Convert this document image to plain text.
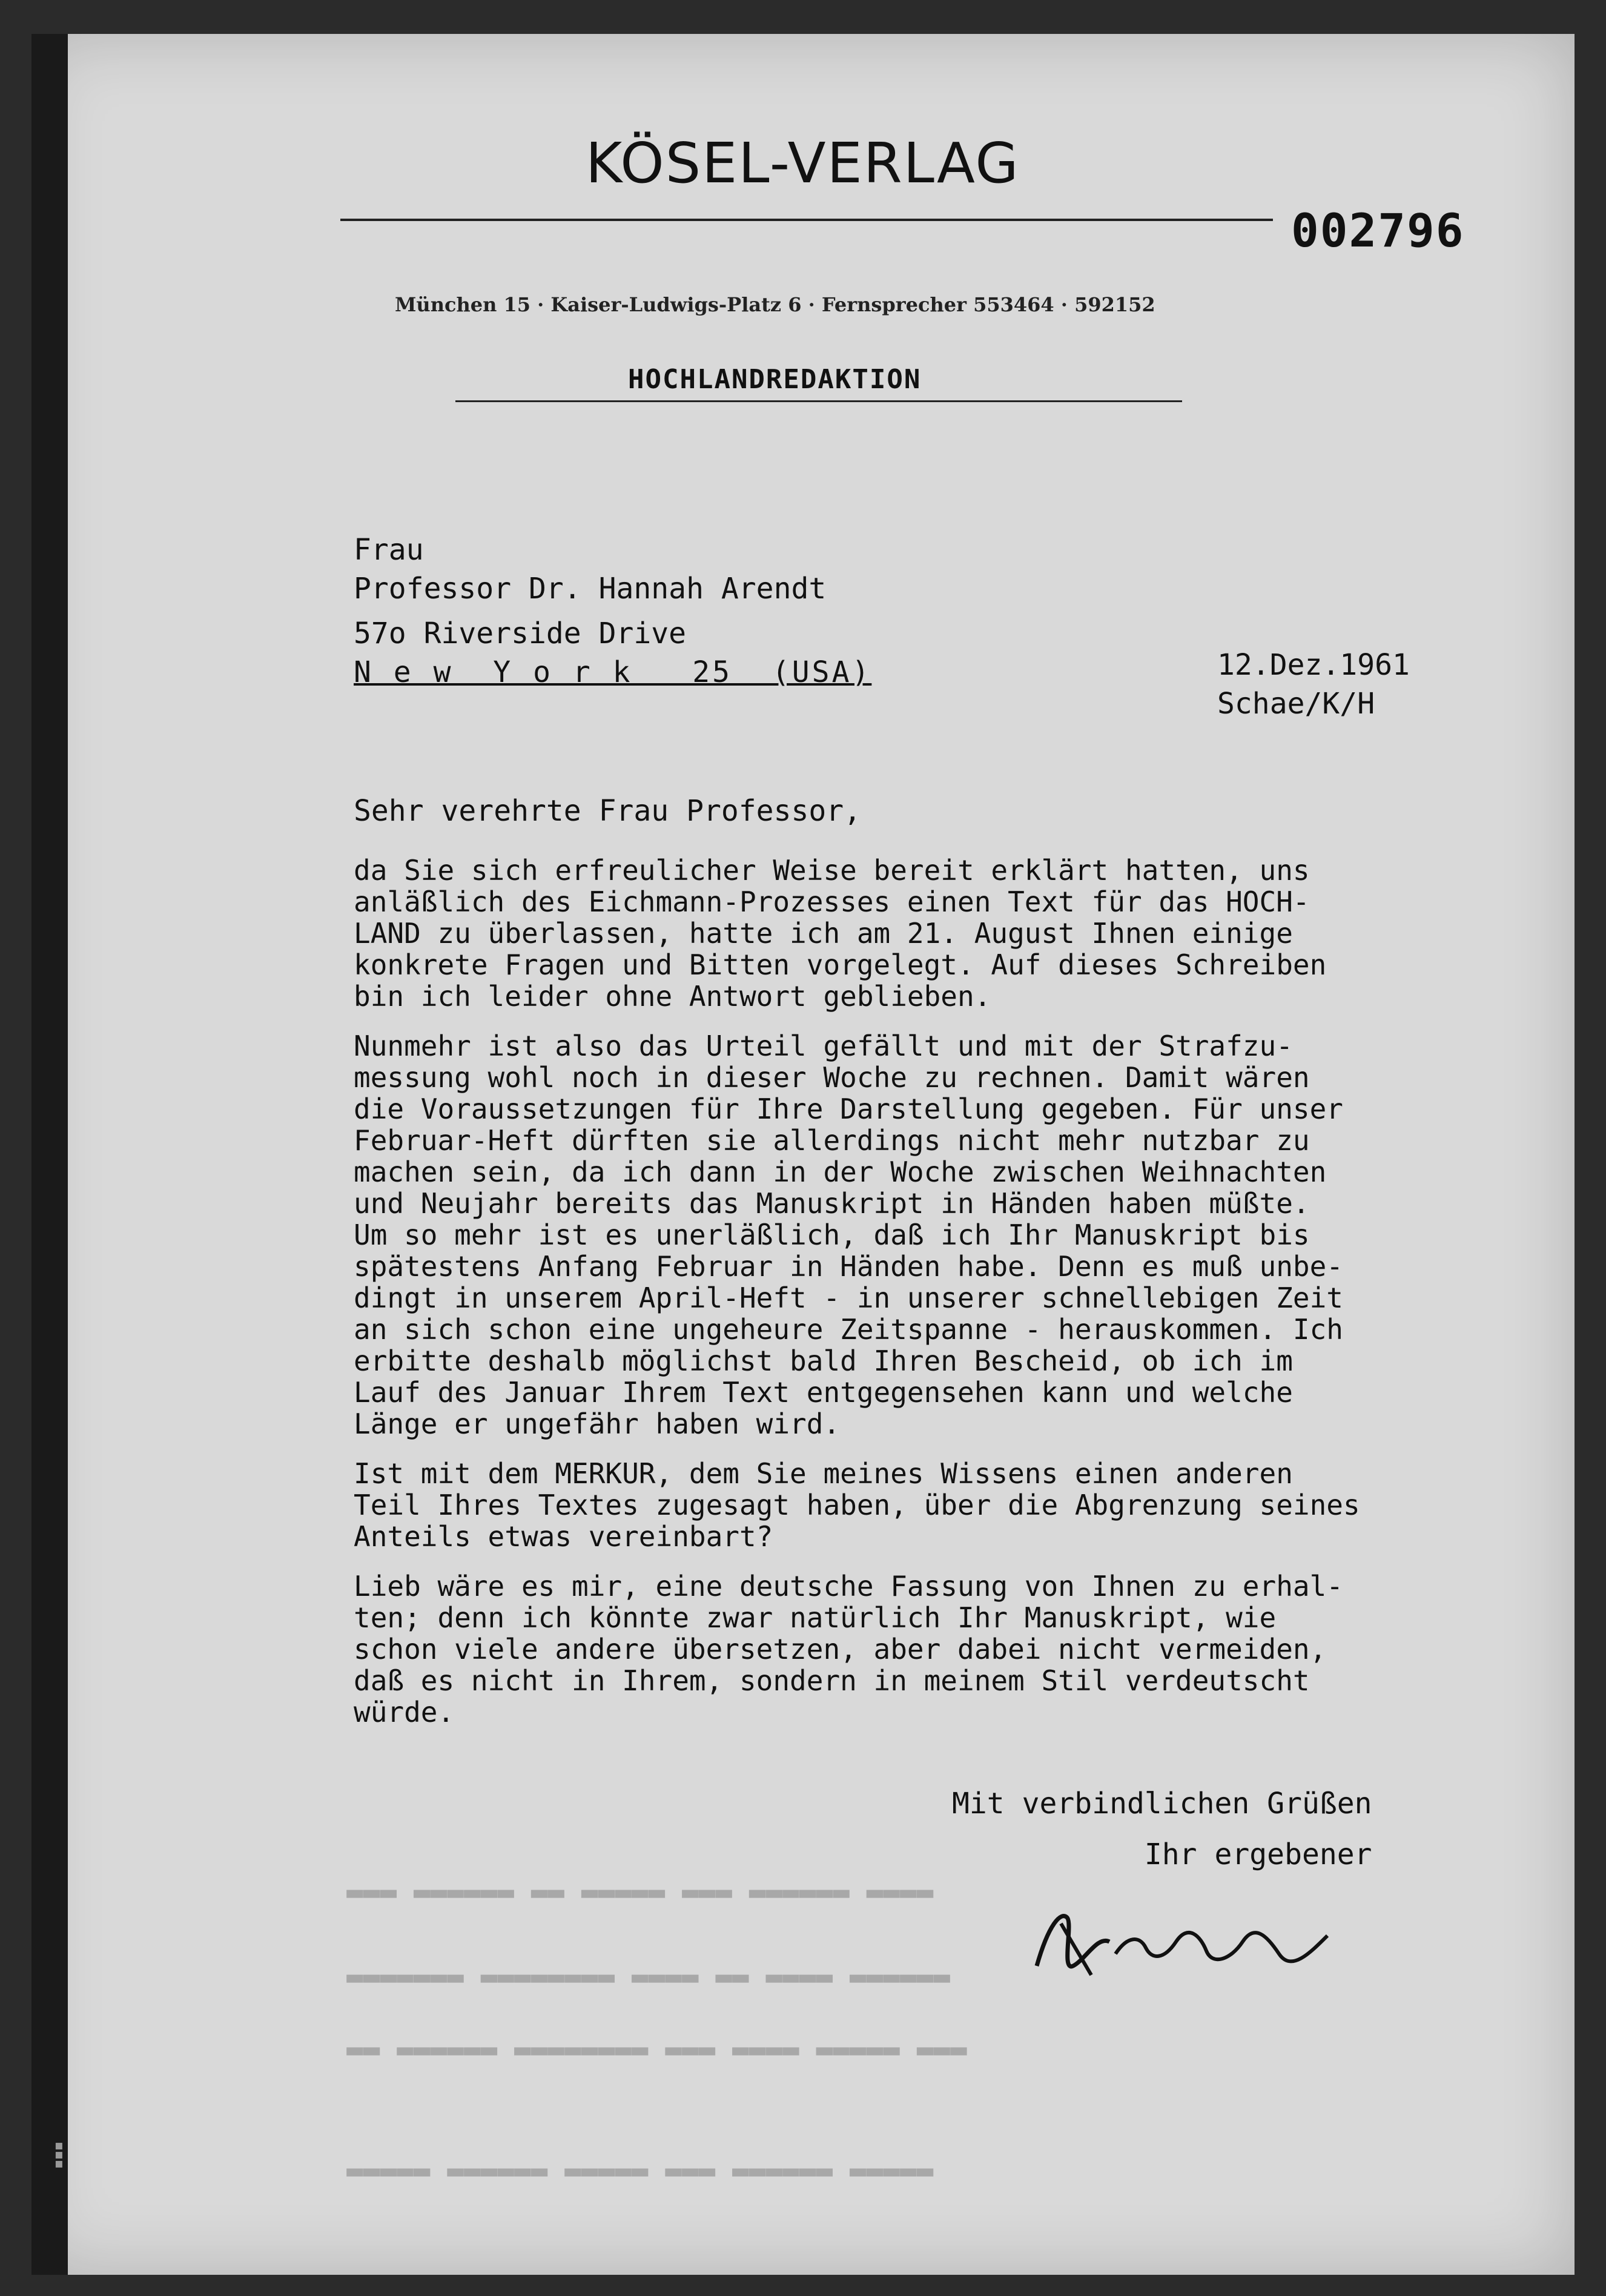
KÖSEL-VERLAG
002796
München 15 · Kaiser-Ludwigs-Platz 6 · Fernsprecher 553464 · 592152
HOCHLANDREDAKTION
Frau
Professor Dr. Hannah Arendt
57o Riverside Drive
N e w  Y o r k   25  (USA)	12.Dez.1961
Schae/K/H
Sehr verehrte Frau Professor,

da Sie sich erfreulicher Weise bereit erklärt hatten, uns
anläßlich des Eichmann-Prozesses einen Text für das HOCH-
LAND zu überlassen, hatte ich am 21. August Ihnen einige
konkrete Fragen und Bitten vorgelegt. Auf dieses Schreiben
bin ich leider ohne Antwort geblieben.

Nunmehr ist also das Urteil gefällt und mit der Strafzu-
messung wohl noch in dieser Woche zu rechnen. Damit wären
die Voraussetzungen für Ihre Darstellung gegeben. Für unser
Februar-Heft dürften sie allerdings nicht mehr nutzbar zu
machen sein, da ich dann in der Woche zwischen Weihnachten
und Neujahr bereits das Manuskript in Händen haben müßte.
Um so mehr ist es unerläßlich, daß ich Ihr Manuskript bis
spätestens Anfang Februar in Händen habe. Denn es muß unbe-
dingt in unserem April-Heft - in unserer schnellebigen Zeit
an sich schon eine ungeheure Zeitspanne - herauskommen. Ich
erbitte deshalb möglichst bald Ihren Bescheid, ob ich im
Lauf des Januar Ihrem Text entgegensehen kann und welche
Länge er ungefähr haben wird.

Ist mit dem MERKUR, dem Sie meines Wissens einen anderen
Teil Ihres Textes zugesagt haben, über die Abgrenzung seines
Anteils etwas vereinbart?

Lieb wäre es mir, eine deutsche Fassung von Ihnen zu erhal-
ten; denn ich könnte zwar natürlich Ihr Manuskript, wie
schon viele andere übersetzen, aber dabei nicht vermeiden,
daß es nicht in Ihrem, sondern in meinem Stil verdeutscht
würde.

▬▬▬▬ ▬▬▬▬▬▬ ▬▬▬ ▬▬▬▬▬ ▬▬ ▬▬▬▬▬▬ ▬▬▬
▬▬▬▬▬▬ ▬▬▬▬ ▬▬ ▬▬▬▬ ▬▬▬▬▬▬▬▬ ▬▬▬▬▬▬▬
▬▬▬ ▬▬▬▬▬ ▬▬▬▬ ▬▬▬ ▬▬▬▬▬▬▬▬ ▬▬▬▬▬▬ ▬▬
▬▬▬▬▬ ▬▬▬▬▬▬ ▬▬▬ ▬▬▬▬▬ ▬▬▬▬▬▬ ▬▬▬▬▬
Mit verbindlichen Grüßen
Ihr ergebener
▪▪▪
